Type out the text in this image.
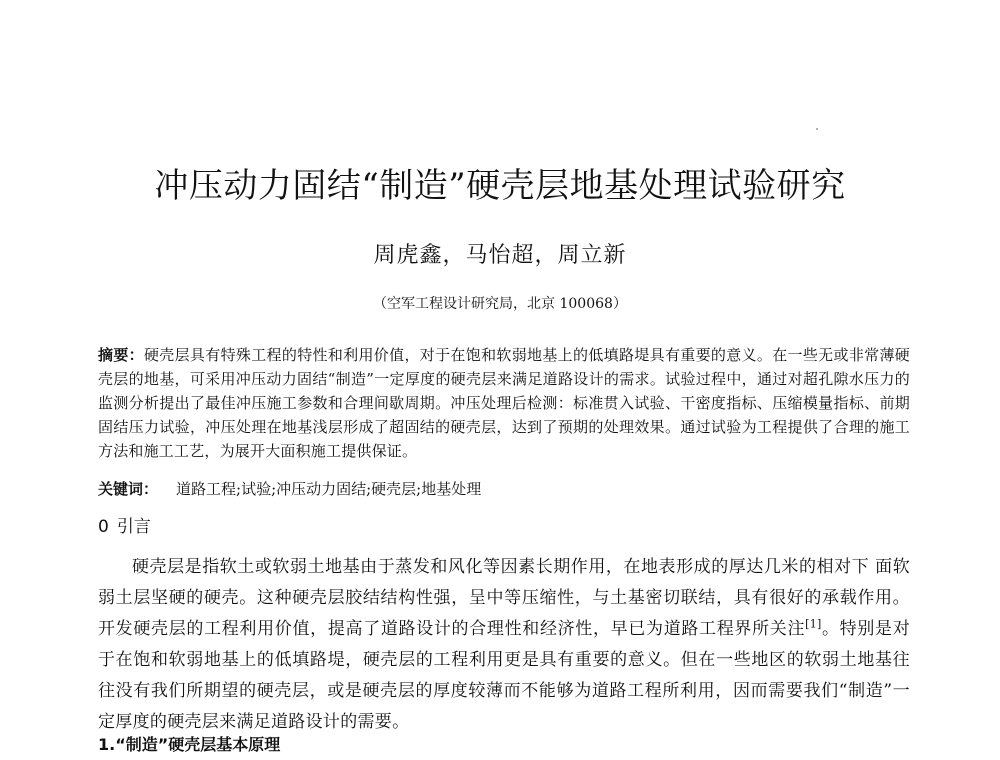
冲压动力固结“制造”硬壳层地基处理试验研究
周虎鑫，马怡超，周立新
（空军工程设计研究局，北京 100068）

摘要：硬壳层具有特殊工程的特性和利用价值，对于在饱和软弱地基上的低填路堤具有重要的意义。在一些无或非常薄硬壳层的地基，可采用冲压动力固结“制造”一定厚度的硬壳层来满足道路设计的需求。试验过程中，通过对超孔隙水压力的监测分析提出了最佳冲压施工参数和合理间歇周期。冲压处理后检测：标准贯入试验、干密度指标、压缩模量指标、前期固结压力试验，冲压处理在地基浅层形成了超固结的硬壳层，达到了预期的处理效果。通过试验为工程提供了合理的施工方法和施工工艺，为展开大面积施工提供保证。

关键词： 道路工程;试验;冲压动力固结;硬壳层;地基处理

0 引言

硬壳层是指软土或软弱土地基由于蒸发和风化等因素长期作用，在地表形成的厚达几米的相对下 面软弱土层坚硬的硬壳。这种硬壳层胶结结构性强，呈中等压缩性，与土基密切联结，具有很好的承载作用。开发硬壳层的工程利用价值，提高了道路设计的合理性和经济性，早已为道路工程界所关注[1]。特别是对于在饱和软弱地基上的低填路堤，硬壳层的工程利用更是具有重要的意义。但在一些地区的软弱土地基往往没有我们所期望的硬壳层，或是硬壳层的厚度较薄而不能够为道路工程所利用，因而需要我们“制造”一定厚度的硬壳层来满足道路设计的需要。

1.“制造”硬壳层基本原理
